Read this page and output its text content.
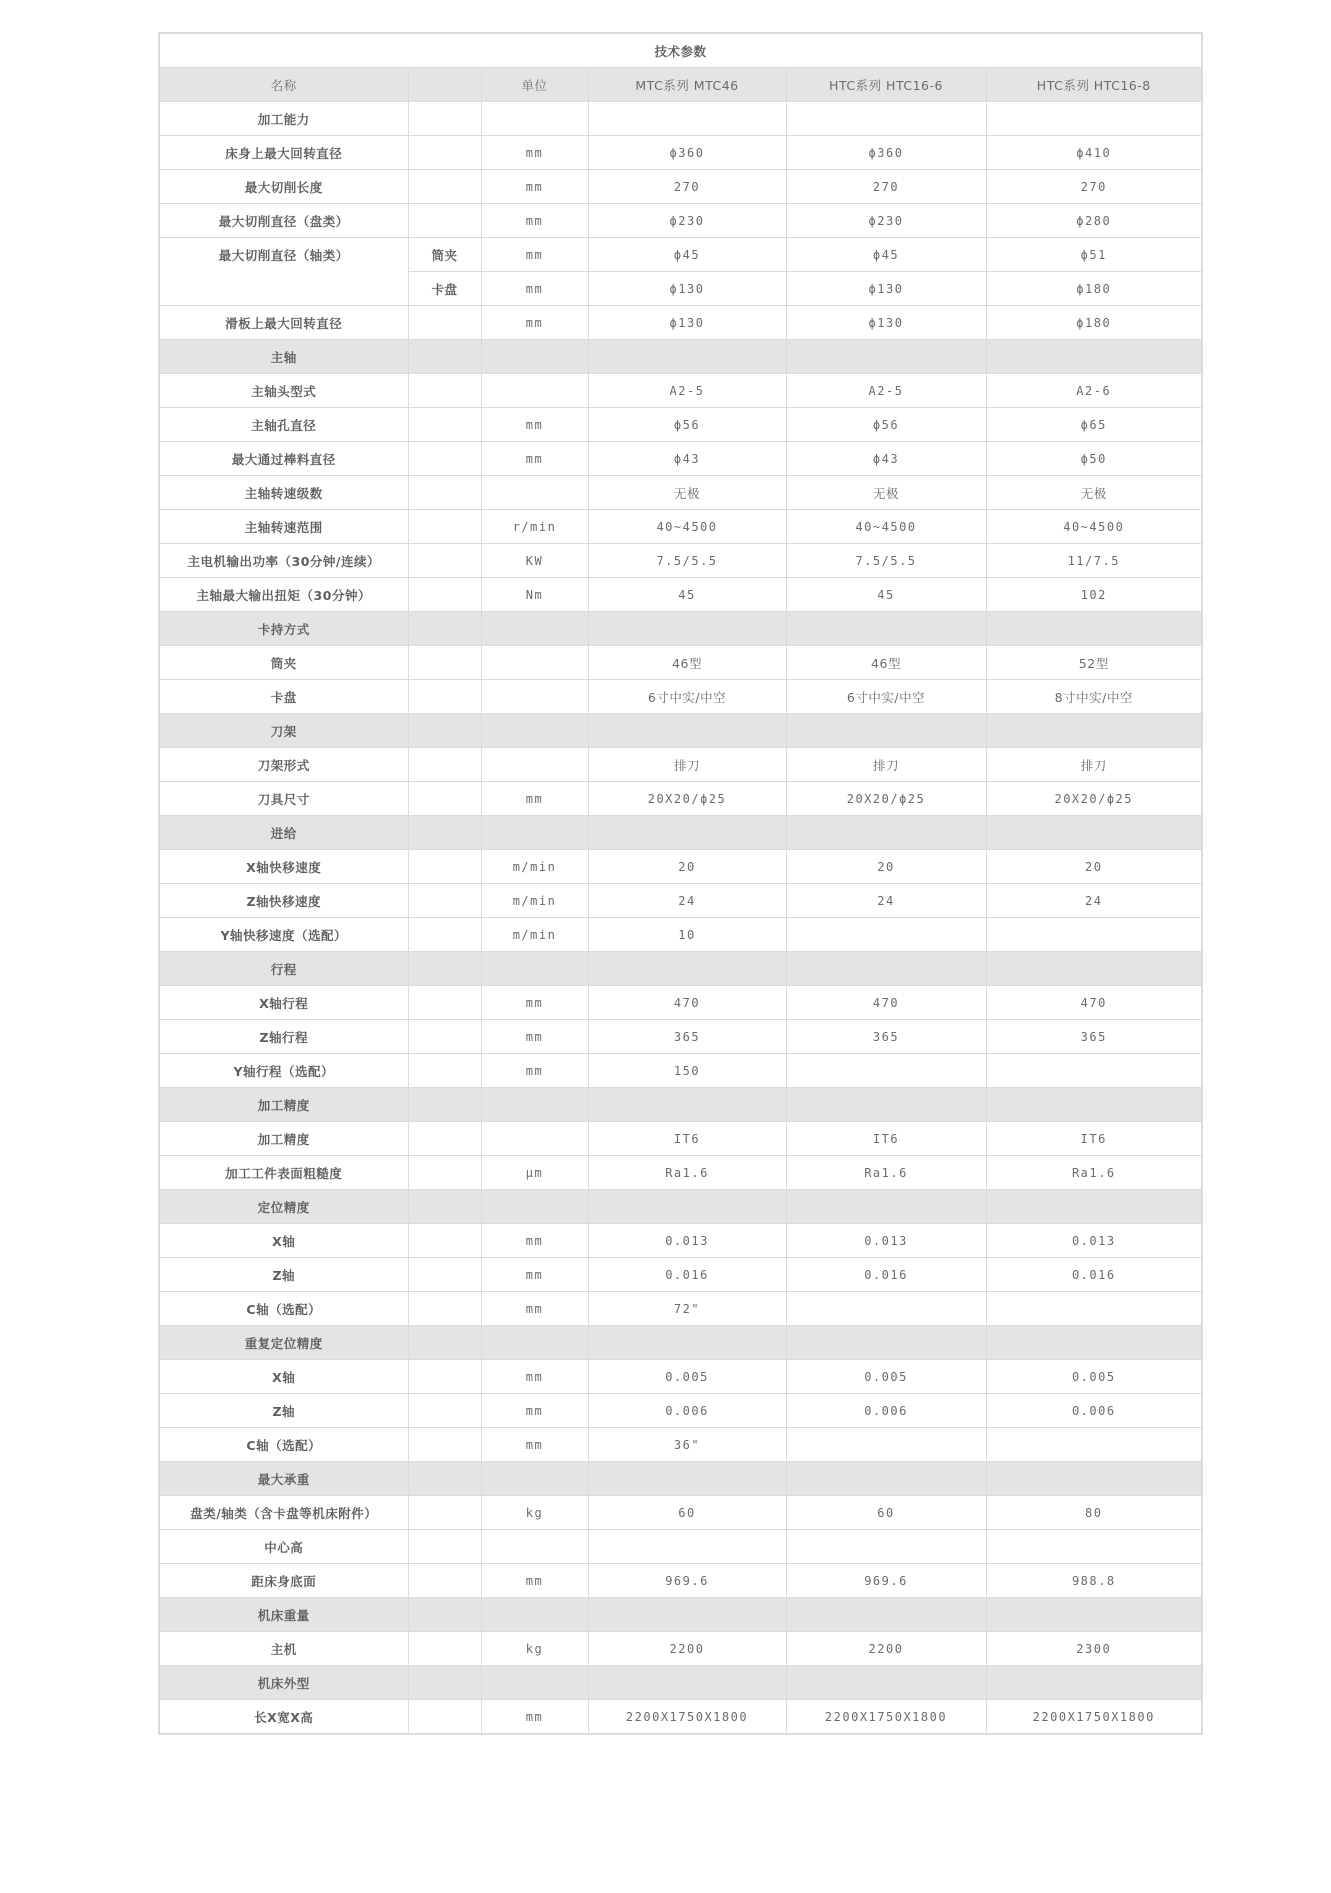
技术参数					
名称		单位	MTC系列 MTC46	HTC系列 HTC16-6	HTC系列 HTC16-8
加工能力					
床身上最大回转直径		mm	ϕ360	ϕ360	ϕ410
最大切削长度		mm	270	270	270
最大切削直径（盘类）		mm	ϕ230	ϕ230	ϕ280
最大切削直径（轴类）	筒夹	mm	ϕ45	ϕ45	ϕ51
	卡盘	mm	ϕ130	ϕ130	ϕ180
滑板上最大回转直径		mm	ϕ130	ϕ130	ϕ180
主轴					
主轴头型式			A2-5	A2-5	A2-6
主轴孔直径		mm	ϕ56	ϕ56	ϕ65
最大通过棒料直径		mm	ϕ43	ϕ43	ϕ50
主轴转速级数			无极	无极	无极
主轴转速范围		r/min	40~4500	40~4500	40~4500
主电机输出功率（30分钟/连续）		KW	7.5/5.5	7.5/5.5	11/7.5
主轴最大输出扭矩（30分钟）		Nm	45	45	102
卡持方式					
筒夹			46型	46型	52型
卡盘			6寸中实/中空	6寸中实/中空	8寸中实/中空
刀架					
刀架形式			排刀	排刀	排刀
刀具尺寸		mm	20X20/ϕ25	20X20/ϕ25	20X20/ϕ25
进给					
X轴快移速度		m/min	20	20	20
Z轴快移速度		m/min	24	24	24
Y轴快移速度（选配）		m/min	10		
行程					
X轴行程		mm	470	470	470
Z轴行程		mm	365	365	365
Y轴行程（选配）		mm	150		
加工精度					
加工精度			IT6	IT6	IT6
加工工件表面粗糙度		μm	Ra1.6	Ra1.6	Ra1.6
定位精度					
X轴		mm	0.013	0.013	0.013
Z轴		mm	0.016	0.016	0.016
C轴（选配）		mm	72"		
重复定位精度					
X轴		mm	0.005	0.005	0.005
Z轴		mm	0.006	0.006	0.006
C轴（选配）		mm	36"		
最大承重					
盘类/轴类（含卡盘等机床附件）		kg	60	60	80
中心高					
距床身底面		mm	969.6	969.6	988.8
机床重量					
主机		kg	2200	2200	2300
机床外型					
长X宽X高		mm	2200X1750X1800	2200X1750X1800	2200X1750X1800
